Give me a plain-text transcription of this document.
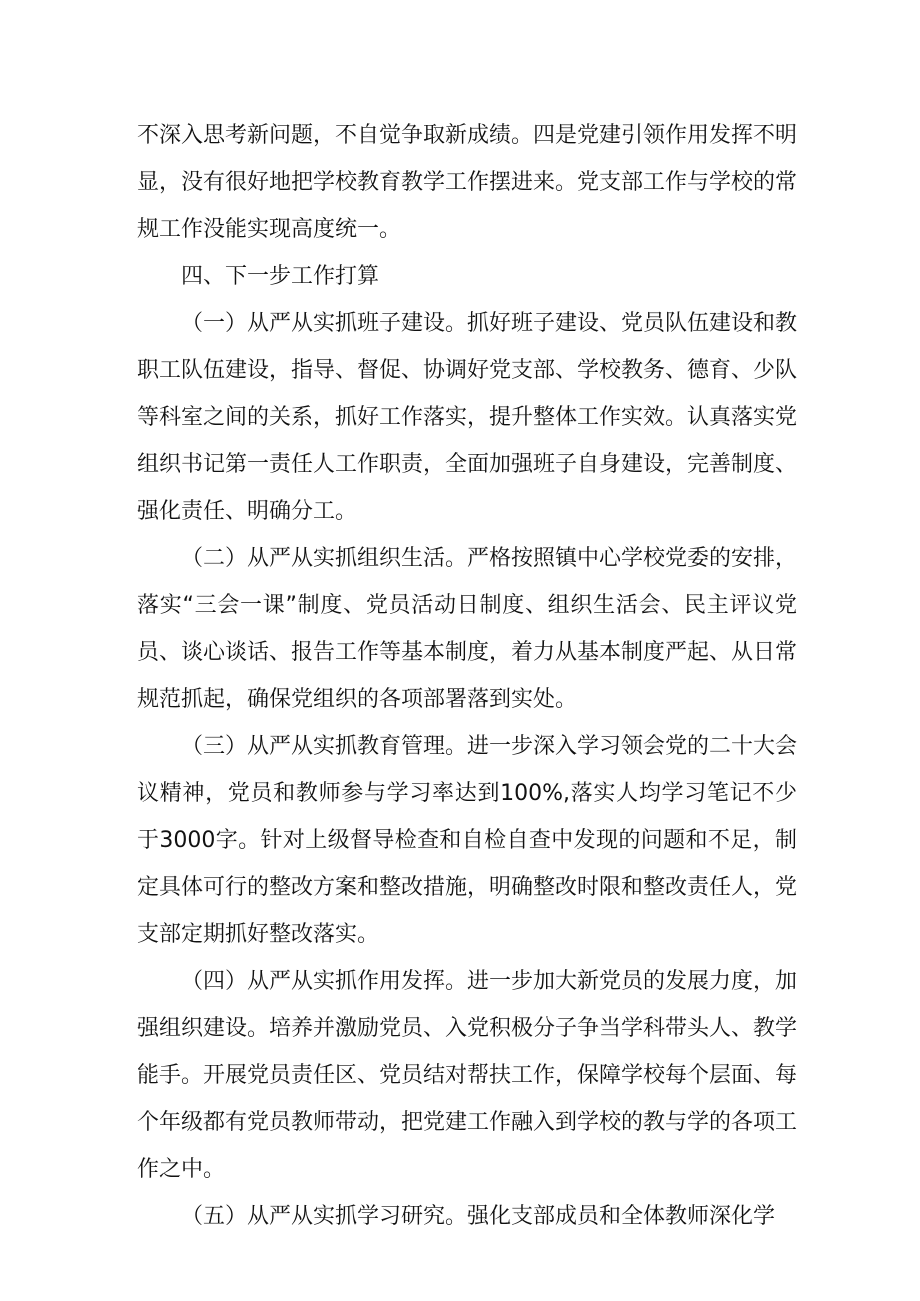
不深入思考新问题，不自觉争取新成绩。四是党建引领作用发挥不明显，没有很好地把学校教育教学工作摆进来。党支部工作与学校的常规工作没能实现高度统一。

四、下一步工作打算

（一）从严从实抓班子建设。抓好班子建设、党员队伍建设和教职工队伍建设，指导、督促、协调好党支部、学校教务、德育、少队等科室之间的关系，抓好工作落实，提升整体工作实效。认真落实党组织书记第一责任人工作职责，全面加强班子自身建设，完善制度、强化责任、明确分工。

（二）从严从实抓组织生活。严格按照镇中心学校党委的安排，落实“三会一课”制度、党员活动日制度、组织生活会、民主评议党员、谈心谈话、报告工作等基本制度，着力从基本制度严起、从日常规范抓起，确保党组织的各项部署落到实处。

（三）从严从实抓教育管理。进一步深入学习领会党的二十大会议精神，党员和教师参与学习率达到100%,落实人均学习笔记不少于3000字。针对上级督导检查和自检自查中发现的问题和不足，制定具体可行的整改方案和整改措施，明确整改时限和整改责任人，党支部定期抓好整改落实。

（四）从严从实抓作用发挥。进一步加大新党员的发展力度，加强组织建设。培养并激励党员、入党积极分子争当学科带头人、教学能手。开展党员责任区、党员结对帮扶工作，保障学校每个层面、每个年级都有党员教师带动，把党建工作融入到学校的教与学的各项工作之中。

（五）从严从实抓学习研究。强化支部成员和全体教师深化学
